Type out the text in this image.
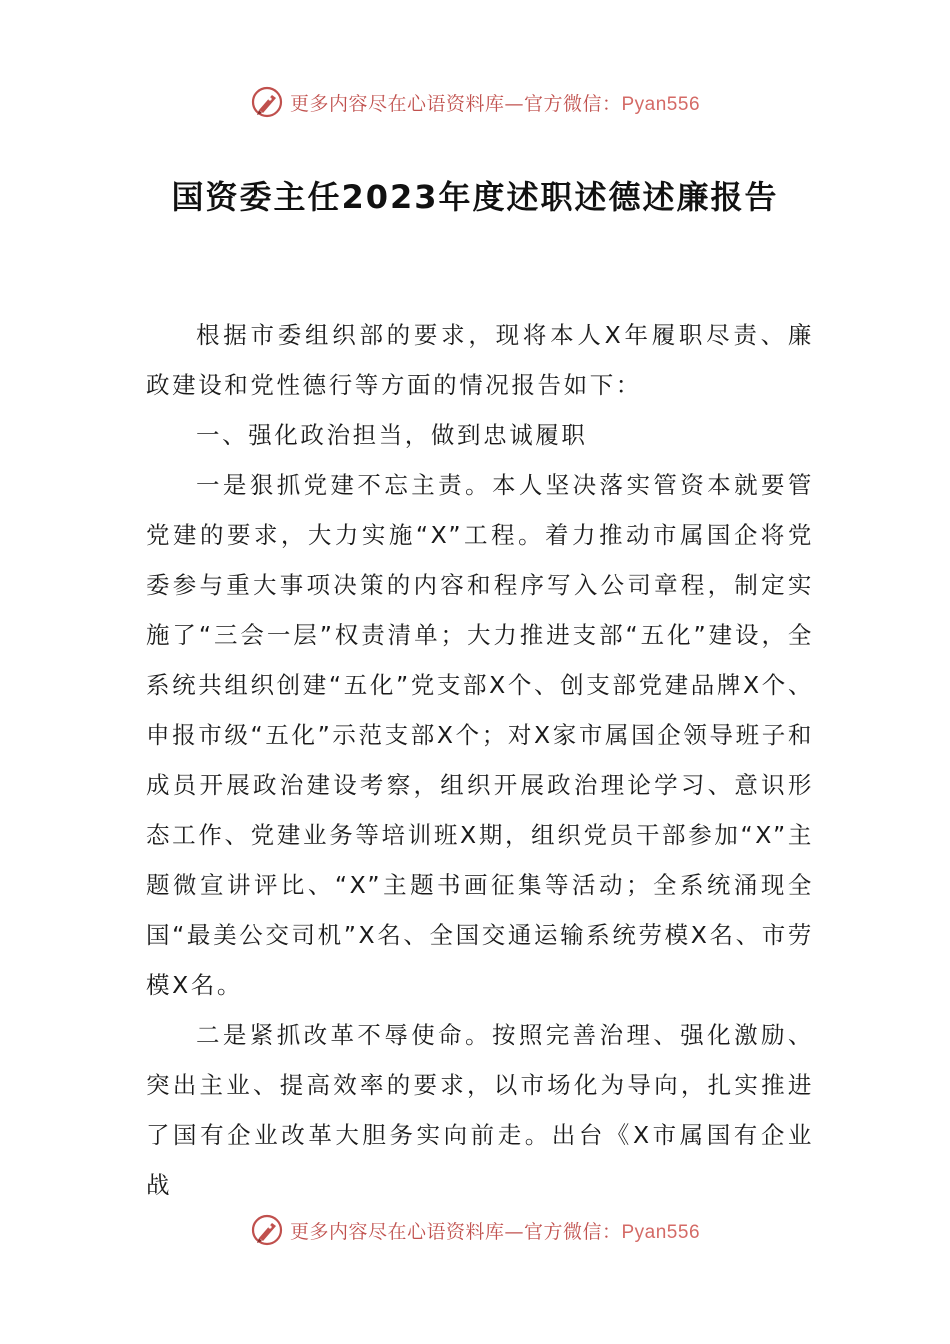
更多内容尽在心语资料库—官方微信：Pyan556
国资委主任2023年度述职述德述廉报告

根据市委组织部的要求，现将本人X年履职尽责、廉政建设和党性德行等方面的情况报告如下：

一、强化政治担当，做到忠诚履职

一是狠抓党建不忘主责。本人坚决落实管资本就要管党建的要求，大力实施“X”工程。着力推动市属国企将党委参与重大事项决策的内容和程序写入公司章程，制定实施了“三会一层”权责清单；大力推进支部“五化”建设，全系统共组织创建“五化”党支部X个、创支部党建品牌X个、申报市级“五化”示范支部X个；对X家市属国企领导班子和成员开展政治建设考察，组织开展政治理论学习、意识形态工作、党建业务等培训班X期，组织党员干部参加“X”主题微宣讲评比、“X”主题书画征集等活动；全系统涌现全国“最美公交司机”X名、全国交通运输系统劳模X名、市劳模X名。

二是紧抓改革不辱使命。按照完善治理、强化激励、突出主业、提高效率的要求，以市场化为导向，扎实推进了国有企业改革大胆务实向前走。出台《X市属国有企业战

更多内容尽在心语资料库—官方微信：Pyan556
